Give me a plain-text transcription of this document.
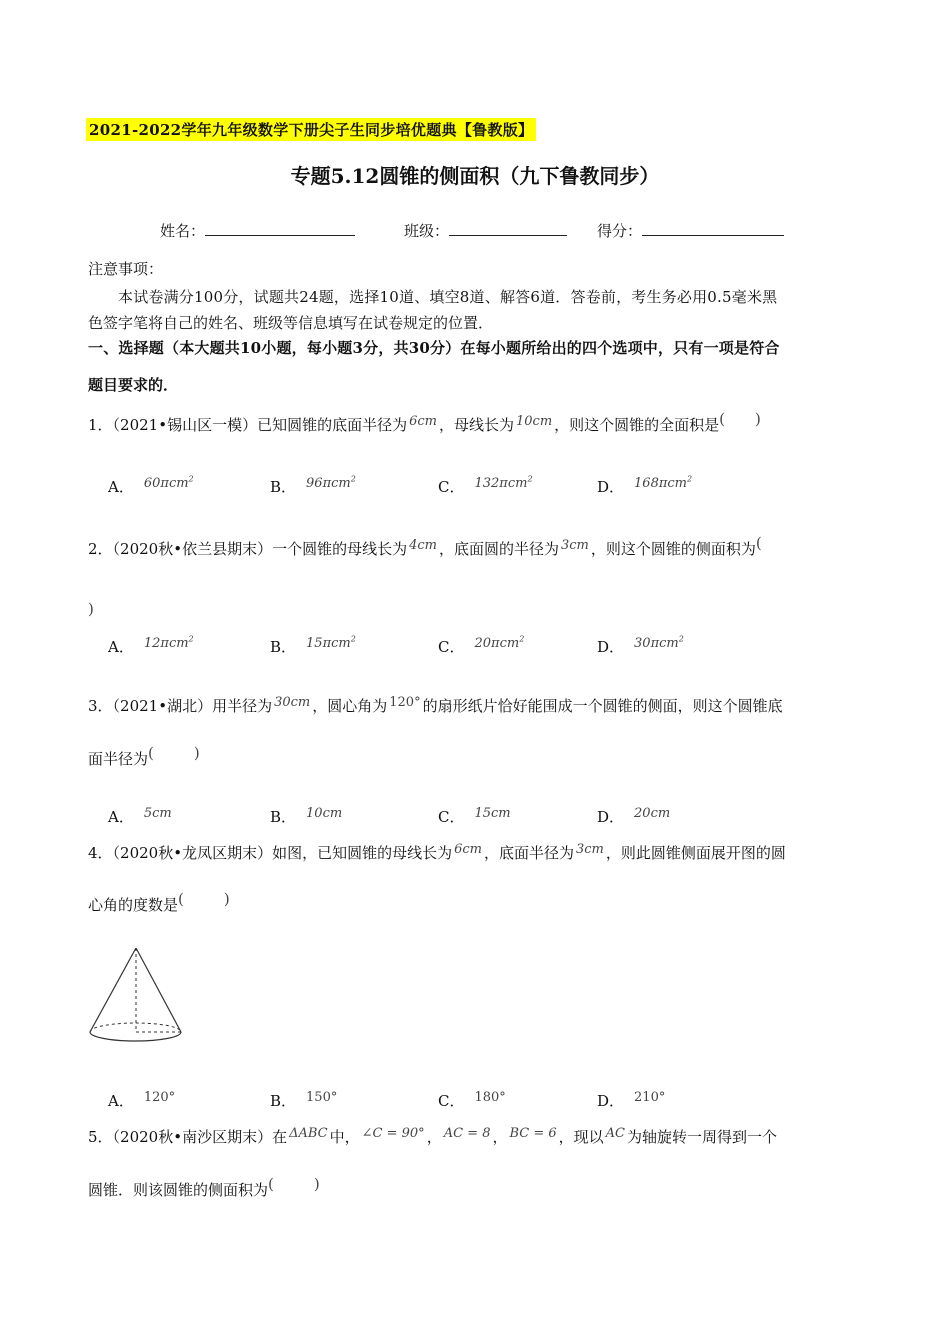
2021-2022学年九年级数学下册尖子生同步培优题典【鲁教版】
专题5.12圆锥的侧面积（九下鲁教同步）
姓名：	班级：	得分：
注意事项：
本试卷满分100分，试题共24题，选择10道、填空8道、解答6道．答卷前，考生务必用0.5毫米黑
色签字笔将自己的姓名、班级等信息填写在试卷规定的位置．
一、选择题（本大题共10小题，每小题3分，共30分）在每小题所给出的四个选项中，只有一项是符合
题目要求的．
1．（2021•锡山区一模）已知圆锥的底面半径为 6cm ，母线长为 10cm ，则这个圆锥的全面积是( )
A． 60πcm$^2$	B． 96πcm$^2$	C． 132πcm$^2$	D． 168πcm$^2$
2．（2020秋•依兰县期末）一个圆锥的母线长为 4cm ，底面圆的半径为 3cm ，则这个圆锥的侧面积为(
)
A． 12πcm$^2$	B． 15πcm$^2$	C． 20πcm$^2$	D． 30πcm$^2$
3．（2021•湖北）用半径为 30cm ，圆心角为 120° 的扇形纸片恰好能围成一个圆锥的侧面，则这个圆锥底
面半径为(	)
A． 5cm	B． 10cm	C． 15cm	D． 20cm
4．（2020秋•龙凤区期末）如图，已知圆锥的母线长为 6cm ，底面半径为 3cm ，则此圆锥侧面展开图的圆
心角的度数是(	)
A． 120°	B． 150°	C． 180°	D． 210°
5．（2020秋•南沙区期末）在 ΔABC 中， ∠C = 90° ， AC = 8 ， BC = 6 ，现以 AC 为轴旋转一周得到一个
圆锥．则该圆锥的侧面积为(	)
